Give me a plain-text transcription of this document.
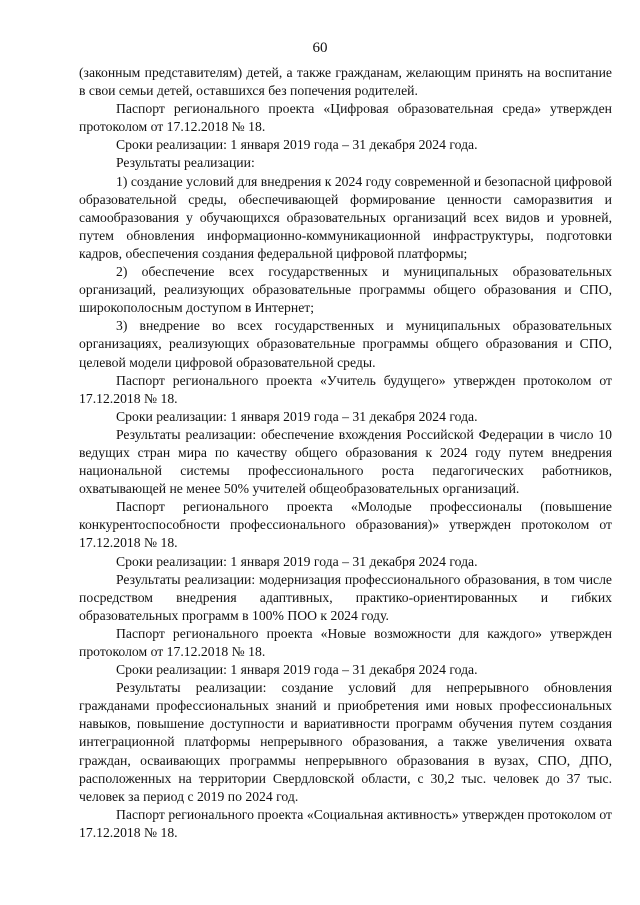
60

(законным представителям) детей, а также гражданам, желающим принять на воспитание в свои семьи детей, оставшихся без попечения родителей.

Паспорт регионального проекта «Цифровая образовательная среда» утвержден протоколом от 17.12.2018 № 18.

Сроки реализации: 1 января 2019 года – 31 декабря 2024 года.

Результаты реализации:

1) создание условий для внедрения к 2024 году современной и безопасной цифровой образовательной среды, обеспечивающей формирование ценности саморазвития и самообразования у обучающихся образовательных организаций всех видов и уровней, путем обновления информационно-коммуникационной инфраструктуры, подготовки кадров, обеспечения создания федеральной цифровой платформы;

2) обеспечение всех государственных и муниципальных образовательных организаций, реализующих образовательные программы общего образования и СПО, широкополосным доступом в Интернет;

3) внедрение во всех государственных и муниципальных образовательных организациях, реализующих образовательные программы общего образования и СПО, целевой модели цифровой образовательной среды.

Паспорт регионального проекта «Учитель будущего» утвержден протоколом от 17.12.2018 № 18.

Сроки реализации: 1 января 2019 года – 31 декабря 2024 года.

Результаты реализации: обеспечение вхождения Российской Федерации в число 10 ведущих стран мира по качеству общего образования к 2024 году путем внедрения национальной системы профессионального роста педагогических работников, охватывающей не менее 50% учителей общеобразовательных организаций.

Паспорт регионального проекта «Молодые профессионалы (повышение конкурентоспособности профессионального образования)» утвержден протоколом от 17.12.2018 № 18.

Сроки реализации: 1 января 2019 года – 31 декабря 2024 года.

Результаты реализации: модернизация профессионального образования, в том числе посредством внедрения адаптивных, практико-ориентированных и гибких образовательных программ в 100% ПОО к 2024 году.

Паспорт регионального проекта «Новые возможности для каждого» утвержден протоколом от 17.12.2018 № 18.

Сроки реализации: 1 января 2019 года – 31 декабря 2024 года.

Результаты реализации: создание условий для непрерывного обновления гражданами профессиональных знаний и приобретения ими новых профессиональных навыков, повышение доступности и вариативности программ обучения путем создания интеграционной платформы непрерывного образования, а также увеличения охвата граждан, осваивающих программы непрерывного образования в вузах, СПО, ДПО, расположенных на территории Свердловской области, с 30,2 тыс. человек до 37 тыс. человек за период с 2019 по 2024 год.

Паспорт регионального проекта «Социальная активность» утвержден протоколом от 17.12.2018 № 18.
